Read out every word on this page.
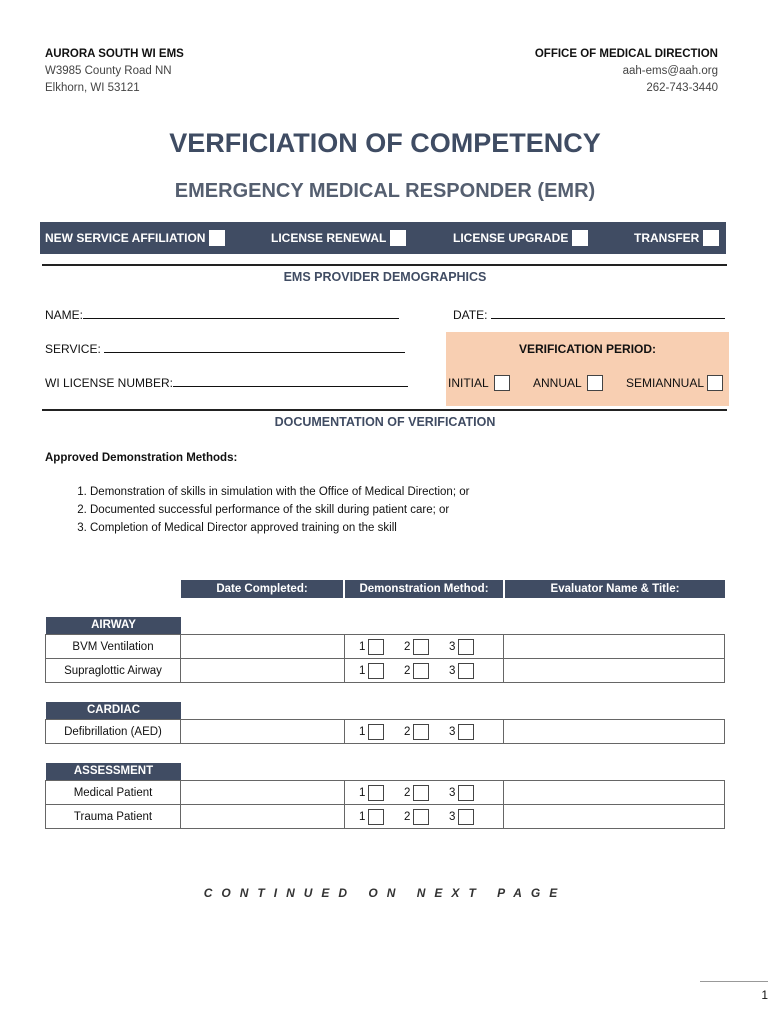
AURORA SOUTH WI EMS
W3985 County Road NN
Elkhorn, WI 53121
OFFICE OF MEDICAL DIRECTION
aah-ems@aah.org
262-743-3440
VERFICIATION OF COMPETENCY
EMERGENCY MEDICAL RESPONDER (EMR)
NEW SERVICE AFFILIATION	LICENSE RENEWAL	LICENSE UPGRADE	TRANSFER
EMS PROVIDER DEMOGRAPHICS
NAME:	DATE:
SERVICE:
WI LICENSE NUMBER:
VERIFICATION PERIOD:
INITIAL	ANNUAL	SEMIANNUAL
DOCUMENTATION OF VERIFICATION
Approved Demonstration Methods:
1. Demonstration of skills in simulation with the Office of Medical Direction; or
2. Documented successful performance of the skill during patient care; or
3. Completion of Medical Director approved training on the skill
Date Completed:	Demonstration Method:	Evaluator Name & Title:
AIRWAY
BVM Ventilation		1 2 3	

Supraglottic Airway		1 2 3	

CARDIAC
Defibrillation (AED)		1	2	3

ASSESSMENT
Medical Patient		1 2 3	

Trauma Patient		1 2 3	

CONTINUED ON NEXT PAGE
1
